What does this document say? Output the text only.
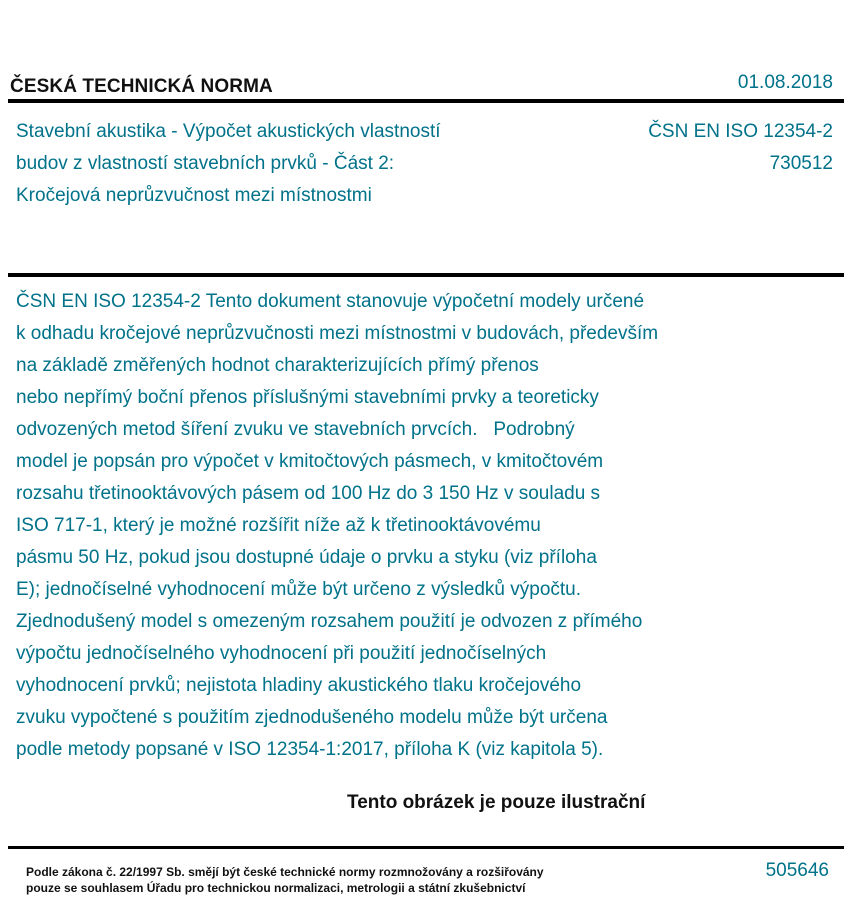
ČESKÁ TECHNICKÁ NORMA	01.08.2018
Stavební akustika - Výpočet akustických vlastností
budov z vlastností stavebních prvků - Část 2:
Kročejová neprůzvučnost mezi místnostmi
ČSN EN ISO 12354-2
730512
ČSN EN ISO 12354-2 Tento dokument stanovuje výpočetní modely určené
k odhadu kročejové neprůzvučnosti mezi místnostmi v budovách, především
na základě změřených hodnot charakterizujících přímý přenos
nebo nepřímý boční přenos příslušnými stavebními prvky a teoreticky
odvozených metod šíření zvuku ve stavebních prvcích.   Podrobný
model je popsán pro výpočet v kmitočtových pásmech, v kmitočtovém
rozsahu třetinooktávových pásem od 100 Hz do 3 150 Hz v souladu s
ISO 717-1, který je možné rozšířit níže až k třetinooktávovému
pásmu 50 Hz, pokud jsou dostupné údaje o prvku a styku (viz příloha
E); jednočíselné vyhodnocení může být určeno z výsledků výpočtu.
Zjednodušený model s omezeným rozsahem použití je odvozen z přímého
výpočtu jednočíselného vyhodnocení při použití jednočíselných
vyhodnocení prvků; nejistota hladiny akustického tlaku kročejového
zvuku vypočtené s použitím zjednodušeného modelu může být určena
podle metody popsané v ISO 12354-1:2017, příloha K (viz kapitola 5).
Tento obrázek je pouze ilustrační
Podle zákona č. 22/1997 Sb. smějí být české technické normy rozmnožovány a rozšiřovány
pouze se souhlasem Úřadu pro technickou normalizaci, metrologii a státní zkušebnictví
505646
